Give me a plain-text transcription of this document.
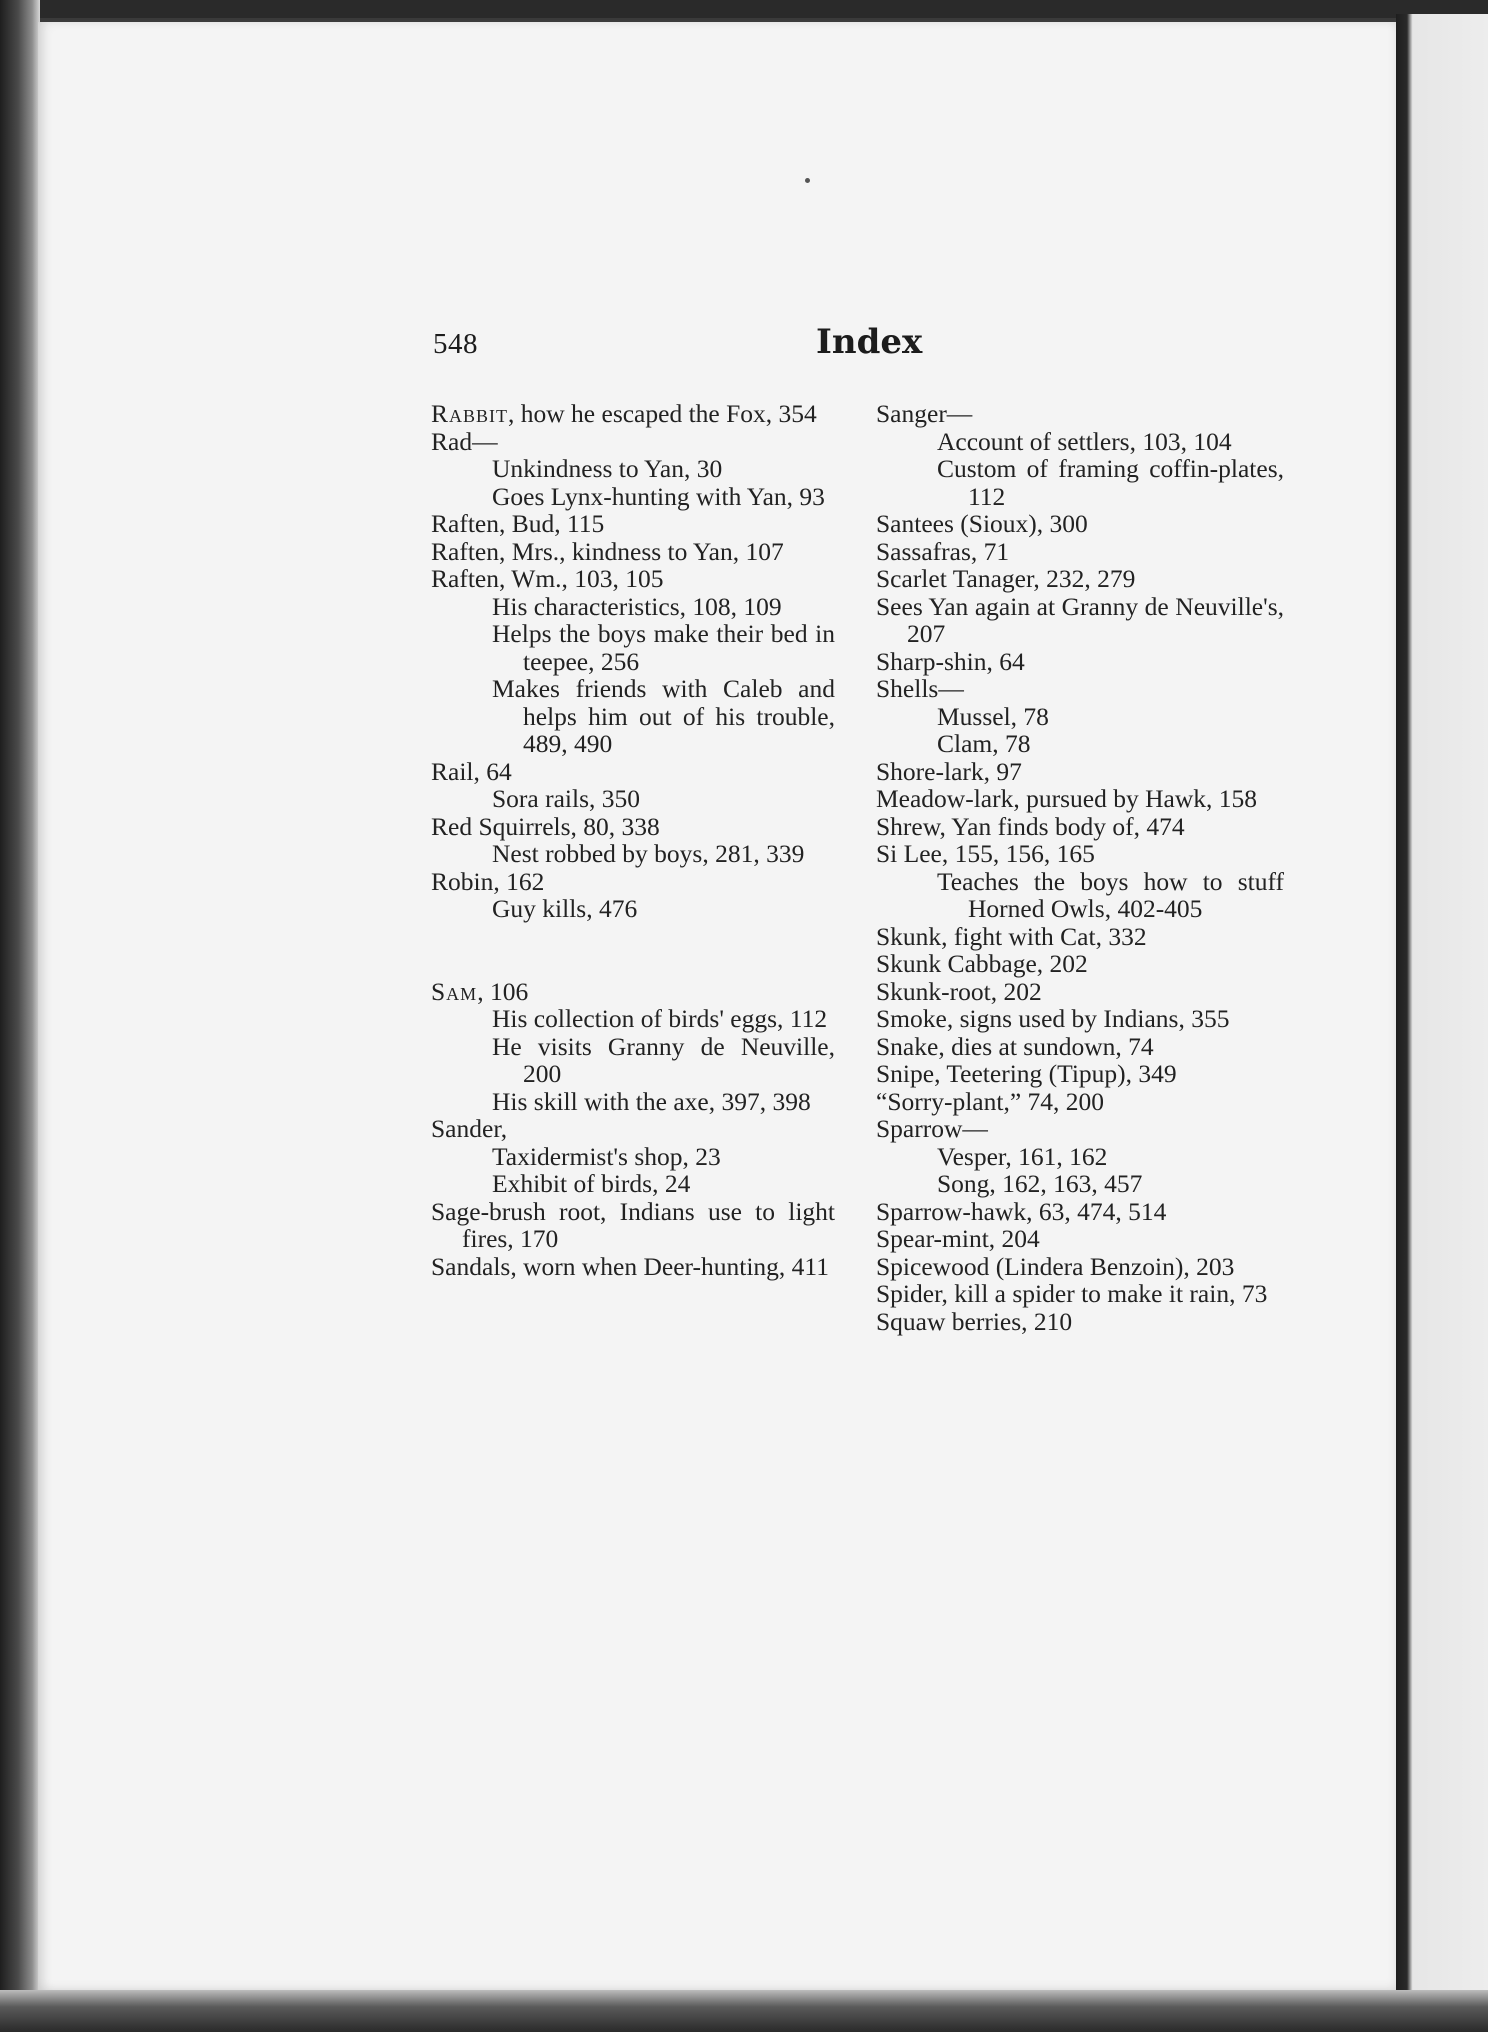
548	Index
Rabbit, how he escaped the Fox, 354
Rad—
Unkindness to Yan, 30
Goes Lynx-hunting with Yan, 93
Raften, Bud, 115
Raften, Mrs., kindness to Yan, 107
Raften, Wm., 103, 105
His characteristics, 108, 109
Helps the boys make their bed in teepee, 256
Makes friends with Caleb and helps him out of his trouble, 489, 490
Rail, 64
Sora rails, 350
Red Squirrels, 80, 338
Nest robbed by boys, 281, 339
Robin, 162
Guy kills, 476
Sam, 106
His collection of birds' eggs, 112
He visits Granny de Neuville, 200
His skill with the axe, 397, 398
Sander,
Taxidermist's shop, 23
Exhibit of birds, 24
Sage-brush root, Indians use to light fires, 170
Sandals, worn when Deer-hunting, 411
Sanger—
Account of settlers, 103, 104
Custom of framing coffin-plates, 112
Santees (Sioux), 300
Sassafras, 71
Scarlet Tanager, 232, 279
Sees Yan again at Granny de Neuville's, 207
Sharp-shin, 64
Shells—
Mussel, 78
Clam, 78
Shore-lark, 97
Meadow-lark, pursued by Hawk, 158
Shrew, Yan finds body of, 474
Si Lee, 155, 156, 165
Teaches the boys how to stuff Horned Owls, 402-405
Skunk, fight with Cat, 332
Skunk Cabbage, 202
Skunk-root, 202
Smoke, signs used by Indians, 355
Snake, dies at sundown, 74
Snipe, Teetering (Tipup), 349
“Sorry-plant,” 74, 200
Sparrow—
Vesper, 161, 162
Song, 162, 163, 457
Sparrow-hawk, 63, 474, 514
Spear-mint, 204
Spicewood (Lindera Benzoin), 203
Spider, kill a spider to make it rain, 73
Squaw berries, 210
